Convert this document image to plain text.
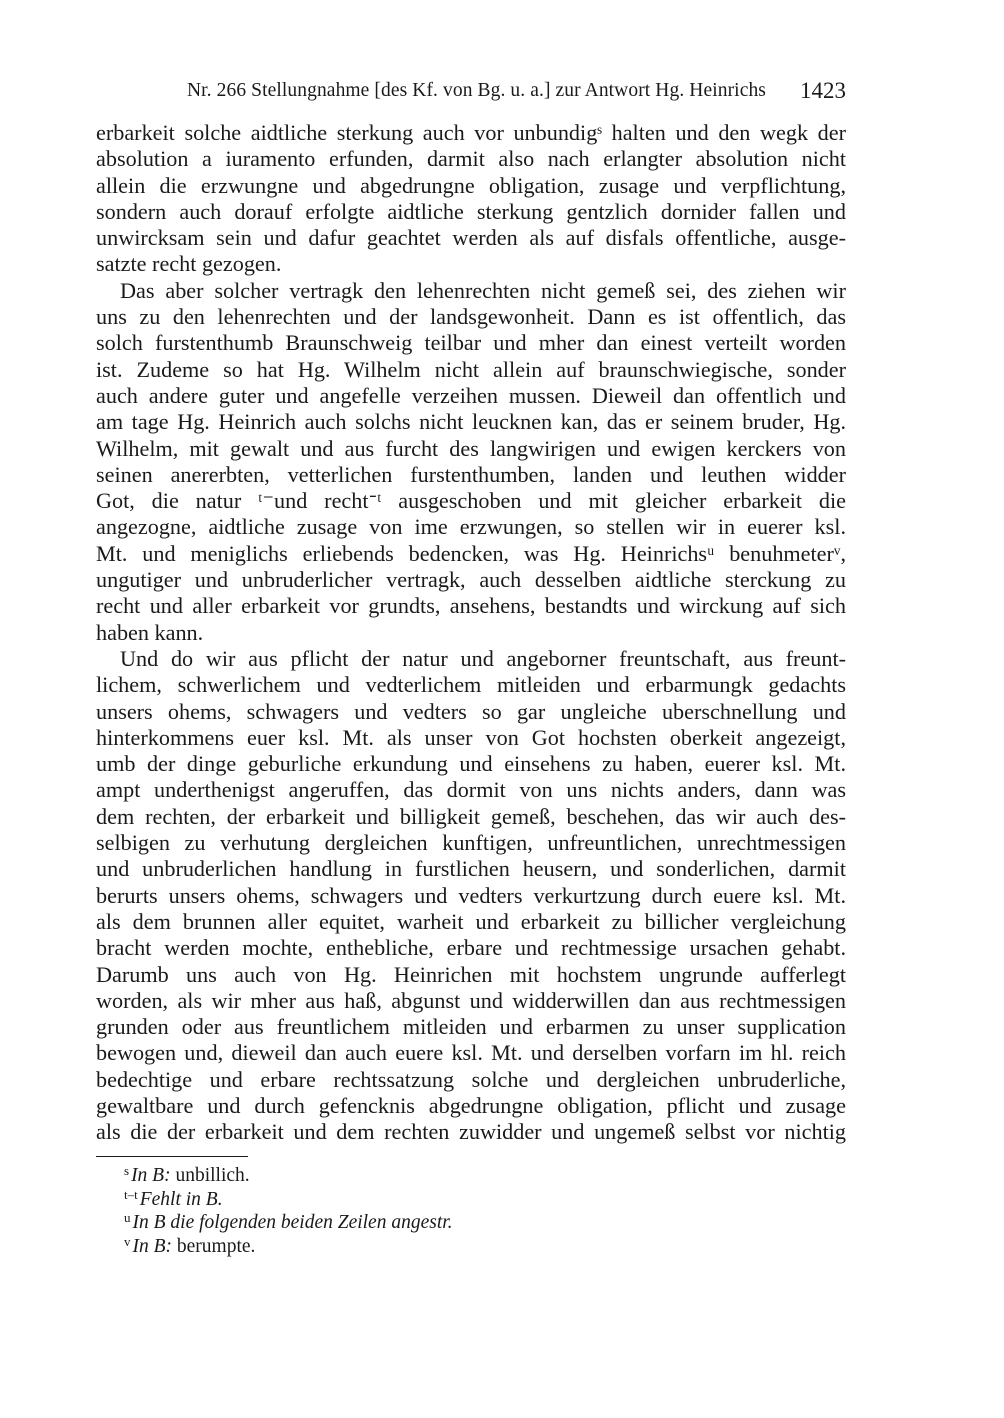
Nr. 266 Stellungnahme [des Kf. von Bg. u. a.] zur Antwort Hg. Heinrichs 1423
erbarkeit solche aidtliche sterkung auch vor unbundigˢ halten und den wegk der
absolution a iuramento erfunden, darmit also nach erlangter absolution nicht
allein die erzwungne und abgedrungne obligation, zusage und verpflichtung,
sondern auch dorauf erfolgte aidtliche sterkung gentzlich dornider fallen und
unwircksam sein und dafur geachtet werden als auf disfals offentliche, ausge-
satzte recht gezogen.
Das aber solcher vertragk den lehenrechten nicht gemeß sei, des ziehen wir
uns zu den lehenrechten und der landsgewonheit. Dann es ist offentlich, das
solch furstenthumb Braunschweig teilbar und mher dan einest verteilt worden
ist. Zudeme so hat Hg. Wilhelm nicht allein auf braunschwiegische, sonder
auch andere guter und angefelle verzeihen mussen. Dieweil dan offentlich und
am tage Hg. Heinrich auch solchs nicht leucknen kan, das er seinem bruder, Hg.
Wilhelm, mit gewalt und aus furcht des langwirigen und ewigen kerckers von
seinen anererbten, vetterlichen furstenthumben, landen und leuthen widder
Got, die natur ᵗ⁻und rechtᐨᵗ ausgeschoben und mit gleicher erbarkeit die
angezogne, aidtliche zusage von ime erzwungen, so stellen wir in euerer ksl.
Mt. und meniglichs erliebends bedencken, was Hg. Heinrichsᵘ benuhmeterᵛ,
ungutiger und unbruderlicher vertragk, auch desselben aidtliche sterckung zu
recht und aller erbarkeit vor grundts, ansehens, bestandts und wirckung auf sich
haben kann.
Und do wir aus pflicht der natur und angeborner freuntschaft, aus freunt-
lichem, schwerlichem und vedterlichem mitleiden und erbarmungk gedachts
unsers ohems, schwagers und vedters so gar ungleiche uberschnellung und
hinterkommens euer ksl. Mt. als unser von Got hochsten oberkeit angezeigt,
umb der dinge geburliche erkundung und einsehens zu haben, euerer ksl. Mt.
ampt underthenigst angeruffen, das dormit von uns nichts anders, dann was
dem rechten, der erbarkeit und billigkeit gemeß, beschehen, das wir auch des-
selbigen zu verhutung dergleichen kunftigen, unfreuntlichen, unrechtmessigen
und unbruderlichen handlung in furstlichen heusern, und sonderlichen, darmit
berurts unsers ohems, schwagers und vedters verkurtzung durch euere ksl. Mt.
als dem brunnen aller equitet, warheit und erbarkeit zu billicher vergleichung
bracht werden mochte, enthebliche, erbare und rechtmessige ursachen gehabt.
Darumb uns auch von Hg. Heinrichen mit hochstem ungrunde aufferlegt
worden, als wir mher aus haß, abgunst und widderwillen dan aus rechtmessigen
grunden oder aus freuntlichem mitleiden und erbarmen zu unser supplication
bewogen und, dieweil dan auch euere ksl. Mt. und derselben vorfarn im hl. reich
bedechtige und erbare rechtssatzung solche und dergleichen unbruderliche,
gewaltbare und durch gefencknis abgedrungne obligation, pflicht und zusage
als die der erbarkeit und dem rechten zuwidder und ungemeß selbst vor nichtig
$^s$ In B: unbillich.
$^{t-t}$ Fehlt in B.
$^u$ In B die folgenden beiden Zeilen angestr.
$^v$ In B: berumpte.
